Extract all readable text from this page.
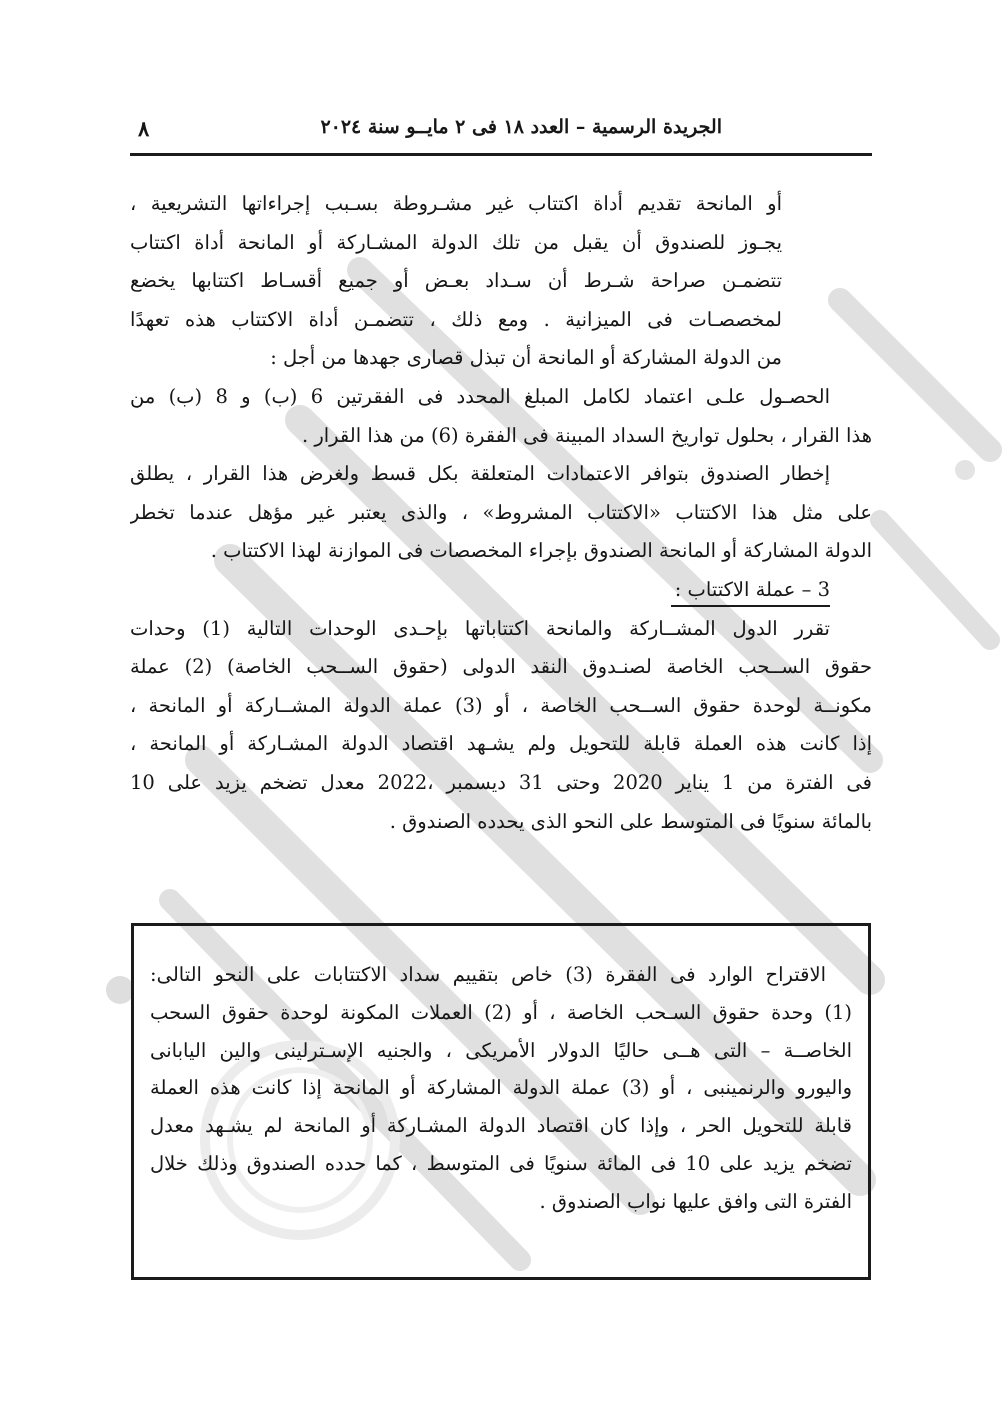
٨	الجريدة الرسمية – العدد ١٨ فى ٢ مايــو سنة ٢٠٢٤
أو المانحة تقديم أداة اكتتاب غير مشـروطة بسـبب إجراءاتها التشريعية ،
يجـوز للصندوق أن يقبل من تلك الدولة المشـاركة أو المانحة أداة اكتتاب
تتضمـن صراحة شـرط أن سـداد بعـض أو جميع أقسـاط اكتتابها يخضع
لمخصصـات فى الميزانية . ومع ذلك ، تتضمـن أداة الاكتتاب هذه تعهدًا
من الدولة المشاركة أو المانحة أن تبذل قصارى جهدها من أجل :
الحصـول علـى اعتماد لكامل المبلغ المحدد فى الفقرتين 6 (ب) و 8 (ب) من
هذا القرار ، بحلول تواريخ السداد المبينة فى الفقرة (6) من هذا القرار .
إخطار الصندوق بتوافر الاعتمادات المتعلقة بكل قسط ولغرض هذا القرار ، يطلق
على مثل هذا الاكتتاب «الاكتتاب المشروط» ، والذى يعتبر غير مؤهل عندما تخطر
الدولة المشاركة أو المانحة الصندوق بإجراء المخصصات فى الموازنة لهذا الاكتتاب .
3 – عملة الاكتتاب :
تقرر الدول المشــاركة والمانحة اكتتاباتها بإحـدى الوحدات التالية (1) وحدات
حقوق الســحب الخاصة لصنـدوق النقد الدولى (حقوق الســحب الخاصة) (2) عملة
مكونــة لوحدة حقوق الســحب الخاصة ، أو (3) عملة الدولة المشــاركة أو المانحة ،
إذا كانت هذه العملة قابلة للتحويل ولم يشـهد اقتصاد الدولة المشـاركة أو المانحة ،
فى الفترة من 1 يناير 2020 وحتى 31 ديسمبر ،2022 معدل تضخم يزيد على 10
بالمائة سنويًا فى المتوسط على النحو الذى يحدده الصندوق .
الاقتراح الوارد فى الفقرة (3) خاص بتقييم سداد الاكتتابات على النحو التالى:
(1) وحدة حقوق السـحب الخاصة ، أو (2) العملات المكونة لوحدة حقوق السحب
الخاصــة – التى هــى حاليًا الدولار الأمريكى ، والجنيه الإسـترلينى والين اليابانى
واليورو والرنمينبى ، أو (3) عملة الدولة المشاركة أو المانحة إذا كانت هذه العملة
قابلة للتحويل الحر ، وإذا كان اقتصاد الدولة المشـاركة أو المانحة لم يشـهد معدل
تضخم يزيد على 10 فى المائة سنويًا فى المتوسط ، كما حدده الصندوق وذلك خلال
الفترة التى وافق عليها نواب الصندوق .
